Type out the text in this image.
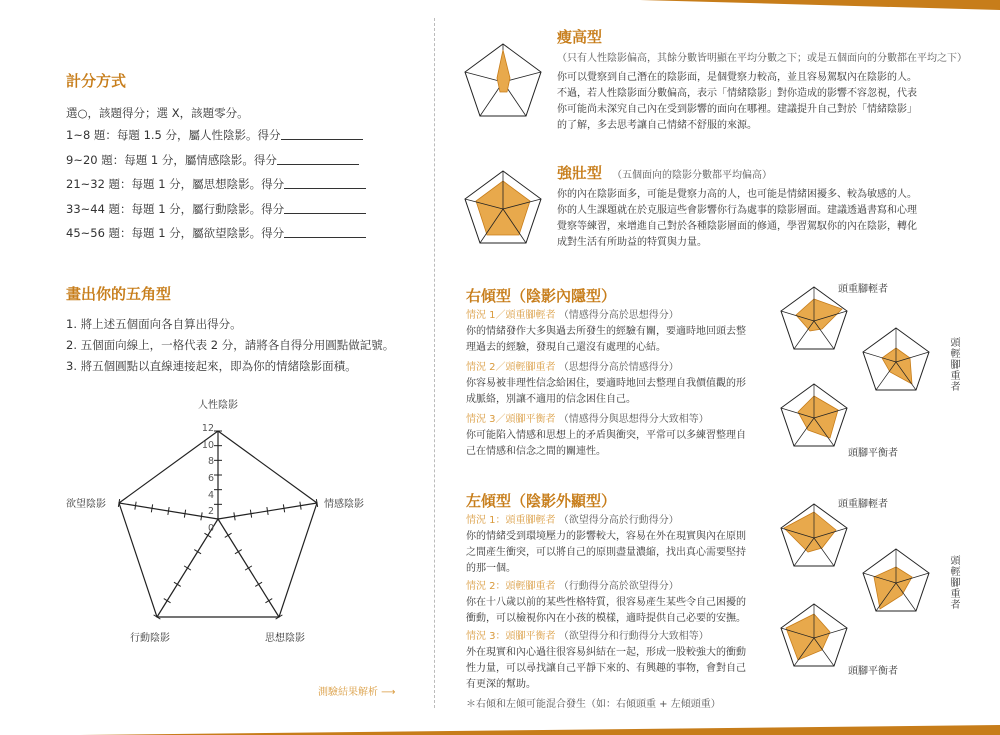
計分方式
選○，該題得分；選 X，該題零分。
1~8 題：每題 1.5 分，屬人性陰影。得分
9~20 題：每題 1 分，屬情感陰影。得分
21~32 題：每題 1 分，屬思想陰影。得分
33~44 題：每題 1 分，屬行動陰影。得分
45~56 題：每題 1 分，屬欲望陰影。得分
畫出你的五角型
1. 將上述五個面向各自算出得分。
2. 五個面向線上，一格代表 2 分，請將各自得分用圓點做記號。
3. 將五個圓點以直線連接起來，即為你的情緒陰影面積。
人性陰影
情感陰影
思想陰影
行動陰影
欲望陰影
12
10
8
6
4
2
0
測驗結果解析 ⟶
瘦高型
（只有人性陰影偏高，其餘分數皆明顯在平均分數之下；或是五個面向的分數都在平均之下）
你可以覺察到自己潛在的陰影面，是個覺察力較高，並且容易駕馭內在陰影的人。
不過，若人性陰影面分數偏高，表示「情緒陰影」對你造成的影響不容忽視，代表
你可能尚未深究自己內在受到影響的面向在哪裡。建議提升自己對於「情緒陰影」
的了解，多去思考讓自己情緒不舒服的來源。
強壯型 （五個面向的陰影分數都平均偏高）
你的內在陰影面多，可能是覺察力高的人，也可能是情緒困擾多、較為敏感的人。
你的人生課題就在於克服這些會影響你行為處事的陰影層面。建議透過書寫和心理
覺察等練習，來增進自己對於各種陰影層面的修通，學習駕馭你的內在陰影，轉化
成對生活有所助益的特質與力量。
右傾型（陰影內隱型）
情況 1／頭重腳輕者 （情感得分高於思想得分）
你的情緒發作大多與過去所發生的經驗有關，要適時地回頭去整
理過去的經驗，發現自己還沒有處理的心結。
情況 2／頭輕腳重者 （思想得分高於情感得分）
你容易被非理性信念給困住，要適時地回去整理自我價值觀的形
成脈絡，別讓不適用的信念困住自己。
情況 3／頭腳平衡者 （情感得分與思想得分大致相等）
你可能陷入情感和思想上的矛盾與衝突，平常可以多練習整理自
己在情感和信念之間的關連性。
頭重腳輕者
頭輕腳重者
頭腳平衡者
左傾型（陰影外顯型）
情況 1：頭重腳輕者 （欲望得分高於行動得分）
你的情緒受到環境壓力的影響較大，容易在外在現實與內在原則
之間產生衝突，可以將自己的原則盡量濃縮，找出真心需要堅持
的那一個。
情況 2：頭輕腳重者 （行動得分高於欲望得分）
你在十八歲以前的某些性格特質，很容易產生某些令自己困擾的
衝動，可以檢視你內在小孩的模樣，適時提供自己必要的安撫。
情況 3：頭腳平衡者 （欲望得分和行動得分大致相等）
外在現實和內心過往很容易糾結在一起，形成一股較強大的衝動
性力量，可以尋找讓自己平靜下來的、有興趣的事物，會對自己
有更深的幫助。
＊右傾和左傾可能混合發生（如：右傾頭重 + 左傾頭重）
頭重腳輕者
頭輕腳重者
頭腳平衡者
